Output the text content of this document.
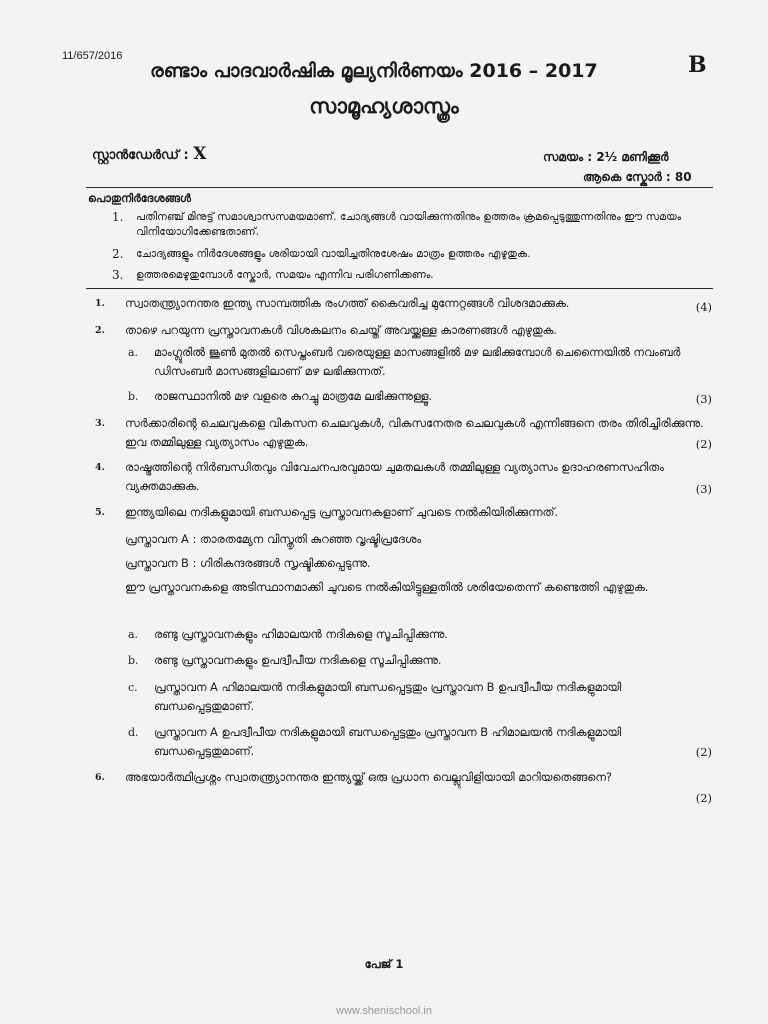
11/657/2016
രണ്ടാം പാദവാർഷിക മൂല്യനിർണയം 2016 – 2017	B
സാമൂഹ്യശാസ്ത്രം
സ്റ്റാൻഡേർഡ് : X	സമയം : 2½ മണിക്കൂർ
ആകെ സ്കോർ : 80
പൊതുനിർദേശങ്ങൾ
1.	പതിനഞ്ച് മിനുട്ട് സമാശ്വാസസമയമാണ്. ചോദ്യങ്ങൾ വായിക്കുന്നതിനും ഉത്തരം ക്രമപ്പെടുത്തുന്നതിനും ഈ സമയം വിനിയോഗിക്കേണ്ടതാണ്.
2.	ചോദ്യങ്ങളും നിർദേശങ്ങളും ശരിയായി വായിച്ചതിനുശേഷം മാത്രം ഉത്തരം എഴുതുക.
3.	ഉത്തരമെഴുതുമ്പോൾ സ്കോർ, സമയം എന്നിവ പരിഗണിക്കണം.
1.	സ്വാതന്ത്ര്യാനന്തര ഇന്ത്യ സാമ്പത്തിക രംഗത്ത് കൈവരിച്ച മുന്നേറ്റങ്ങൾ വിശദമാക്കുക.	(4)
2.	താഴെ പറയുന്ന പ്രസ്താവനകൾ വിശകലനം ചെയ്ത് അവയ്ക്കുള്ള കാരണങ്ങൾ എഴുതുക.
a.	മാംഗ്ലൂരിൽ ജൂൺ മുതൽ സെപ്തംബർ വരെയുള്ള മാസങ്ങളിൽ മഴ ലഭിക്കുമ്പോൾ ചെന്നൈയിൽ നവംബർ ഡിസംബർ മാസങ്ങളിലാണ് മഴ ലഭിക്കുന്നത്.
b.	രാജസ്ഥാനിൽ മഴ വളരെ കുറച്ചു മാത്രമേ ലഭിക്കുന്നുള്ളൂ.	(3)
3.	സർക്കാരിന്റെ ചെലവുകളെ വികസന ചെലവുകൾ, വികസനേതര ചെലവുകൾ എന്നിങ്ങനെ തരം തിരിച്ചിരിക്കുന്നു. ഇവ തമ്മിലുള്ള വ്യത്യാസം എഴുതുക.	(2)
4.	രാഷ്ട്രത്തിന്റെ നിർബന്ധിതവും വിവേചനപരവുമായ ചുമതലകൾ തമ്മിലുള്ള വ്യത്യാസം ഉദാഹരണസഹിതം വ്യക്തമാക്കുക.	(3)
5.	ഇന്ത്യയിലെ നദികളുമായി ബന്ധപ്പെട്ട പ്രസ്താവനകളാണ് ചുവടെ നൽകിയിരിക്കുന്നത്.
പ്രസ്താവന A : താരതമ്യേന വിസ്തൃതി കുറഞ്ഞ വൃഷ്ടിപ്രദേശം
പ്രസ്താവന B : ഗിരികന്ദരങ്ങൾ സൃഷ്ടിക്കപ്പെടുന്നു.
ഈ പ്രസ്താവനകളെ അടിസ്ഥാനമാക്കി ചുവടെ നൽകിയിട്ടുള്ളതിൽ ശരിയേതെന്ന് കണ്ടെത്തി എഴുതുക.
a.	രണ്ടു പ്രസ്താവനകളും ഹിമാലയൻ നദികളെ സൂചിപ്പിക്കുന്നു.
b.	രണ്ടു പ്രസ്താവനകളും ഉപദ്വീപീയ നദികളെ സൂചിപ്പിക്കുന്നു.
c.	പ്രസ്താവന A ഹിമാലയൻ നദികളുമായി ബന്ധപ്പെട്ടതും പ്രസ്താവന B ഉപദ്വീപീയ നദികളുമായി ബന്ധപ്പെട്ടതുമാണ്.
d.	പ്രസ്താവന A ഉപദ്വീപീയ നദികളുമായി ബന്ധപ്പെട്ടതും പ്രസ്താവന B ഹിമാലയൻ നദികളുമായി ബന്ധപ്പെട്ടതുമാണ്.	(2)
6.	അഭയാർത്ഥിപ്രശ്നം സ്വാതന്ത്ര്യാനന്തര ഇന്ത്യയ്ക്ക് ഒരു പ്രധാന വെല്ലുവിളിയായി മാറിയതെങ്ങനെ?
(2)
പേജ് 1
www.shenischool.in
